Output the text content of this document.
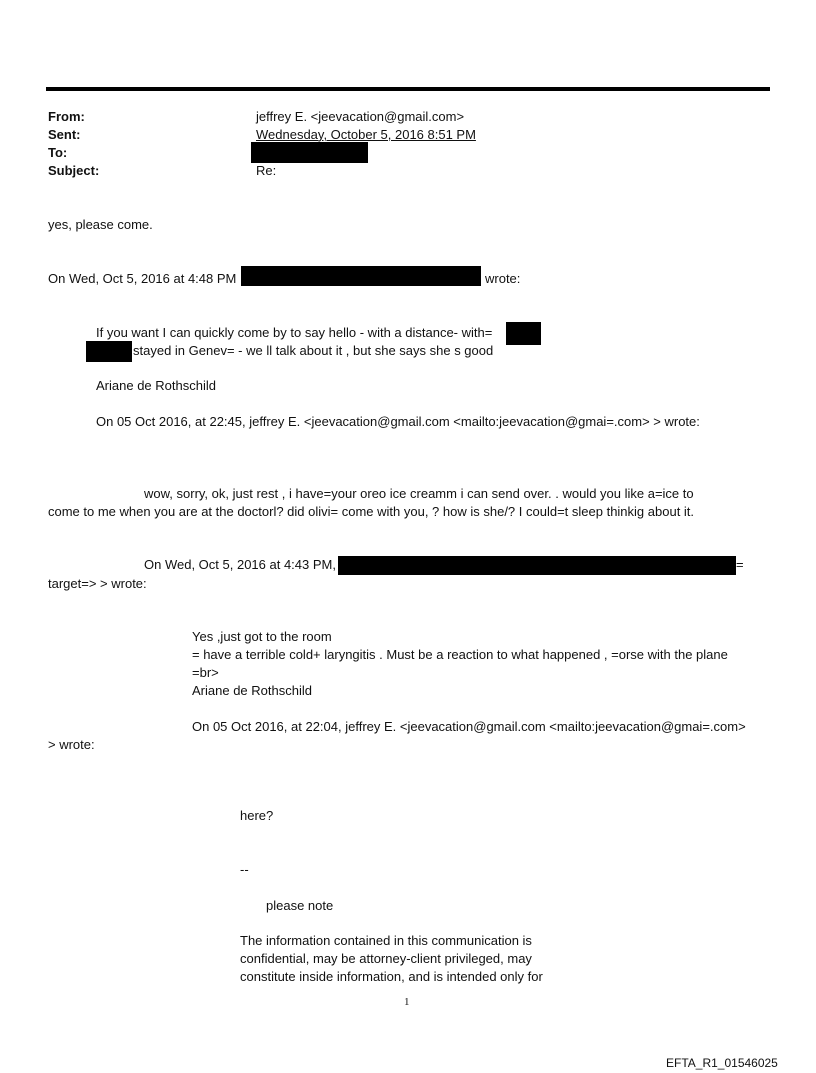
From:	jeffrey E. <jeevacation@gmail.com>
Sent:	Wednesday, October 5, 2016 8:51 PM
To:
Subject:	Re:
yes, please come.
On Wed, Oct 5, 2016 at 4:48 PM	wrote:
If you want I can quickly come by to say hello - with a distance- with=
stayed in Genev= - we ll talk about it , but she says she s good
Ariane de Rothschild
On 05 Oct 2016, at 22:45, jeffrey E. <jeevacation@gmail.com <mailto:jeevacation@gmai=.com> > wrote:
wow, sorry, ok, just rest , i have=your oreo ice creamm i can send over. . would you like a=ice to
come to me when you are at the doctorl? did olivi= come with you, ? how is she/? I could=t sleep thinkig about it.
On Wed, Oct 5, 2016 at 4:43 PM,	=
target=> > wrote:
Yes ,just got to the room
= have a terrible cold+ laryngitis . Must be a reaction to what happened , =orse with the plane
=br>
Ariane de Rothschild
On 05 Oct 2016, at 22:04, jeffrey E. <jeevacation@gmail.com <mailto:jeevacation@gmai=.com>
> wrote:
here?
--
please note
The information contained in this communication is
confidential, may be attorney-client privileged, may
constitute inside information, and is intended only for
1
EFTA_R1_01546025
